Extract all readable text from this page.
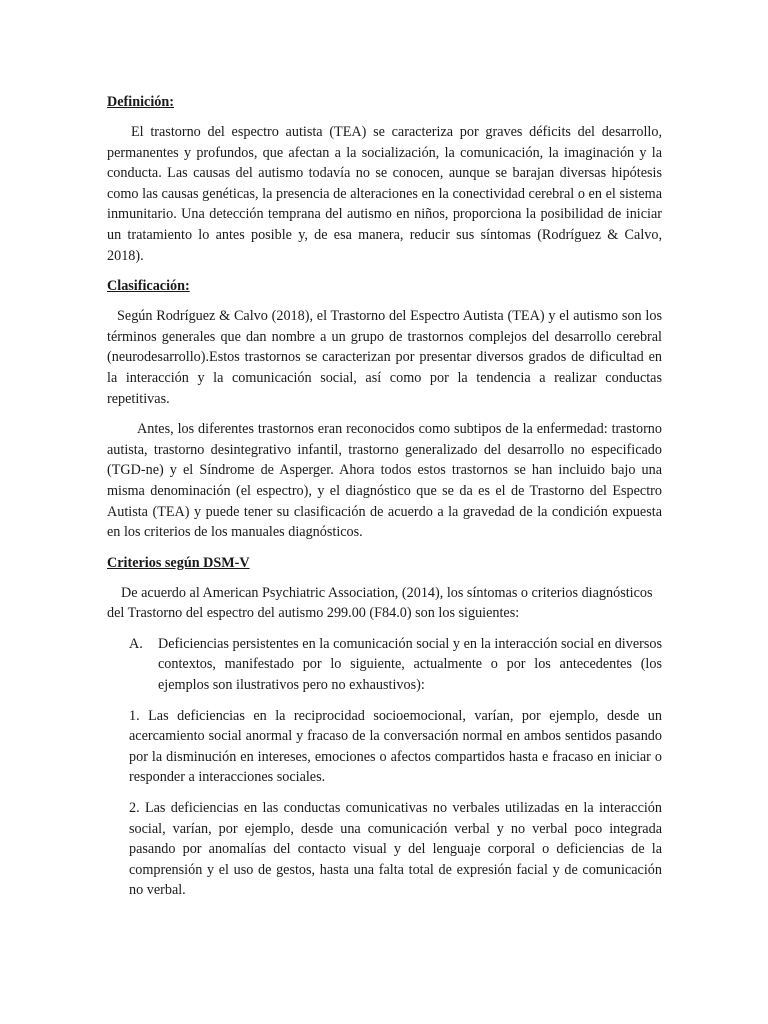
Definición:

El trastorno del espectro autista (TEA) se caracteriza por graves déficits del desarrollo, permanentes y profundos, que afectan a la socialización, la comunicación, la imaginación y la conducta. Las causas del autismo todavía no se conocen, aunque se barajan diversas hipótesis como las causas genéticas, la presencia de alteraciones en la conectividad cerebral o en el sistema inmunitario. Una detección temprana del autismo en niños, proporciona la posibilidad de iniciar un tratamiento lo antes posible y, de esa manera, reducir sus síntomas (Rodríguez & Calvo, 2018).

Clasificación:

Según Rodríguez & Calvo (2018), el Trastorno del Espectro Autista (TEA) y el autismo son los términos generales que dan nombre a un grupo de trastornos complejos del desarrollo cerebral (neurodesarrollo).Estos trastornos se caracterizan por presentar diversos grados de dificultad en la interacción y la comunicación social, así como por la tendencia a realizar conductas repetitivas.

Antes, los diferentes trastornos eran reconocidos como subtipos de la enfermedad: trastorno autista, trastorno desintegrativo infantil, trastorno generalizado del desarrollo no especificado (TGD-ne) y el Síndrome de Asperger. Ahora todos estos trastornos se han incluido bajo una misma denominación (el espectro), y el diagnóstico que se da es el de Trastorno del Espectro Autista (TEA) y puede tener su clasificación de acuerdo a la gravedad de la condición expuesta en los criterios de los manuales diagnósticos.

Criterios según DSM-V

De acuerdo al American Psychiatric Association, (2014), los síntomas o criterios diagnósticos del Trastorno del espectro del autismo 299.00 (F84.0) son los siguientes:

A.	Deficiencias persistentes en la comunicación social y en la interacción social en diversos contextos, manifestado por lo siguiente, actualmente o por los antecedentes (los ejemplos son ilustrativos pero no exhaustivos):

1. Las deficiencias en la reciprocidad socioemocional, varían, por ejemplo, desde un acercamiento social anormal y fracaso de la conversación normal en ambos sentidos pasando por la disminución en intereses, emociones o afectos compartidos hasta e fracaso en iniciar o responder a interacciones sociales.

2. Las deficiencias en las conductas comunicativas no verbales utilizadas en la interacción social, varían, por ejemplo, desde una comunicación verbal y no verbal poco integrada pasando por anomalías del contacto visual y del lenguaje corporal o deficiencias de la comprensión y el uso de gestos, hasta una falta total de expresión facial y de comunicación no verbal.
